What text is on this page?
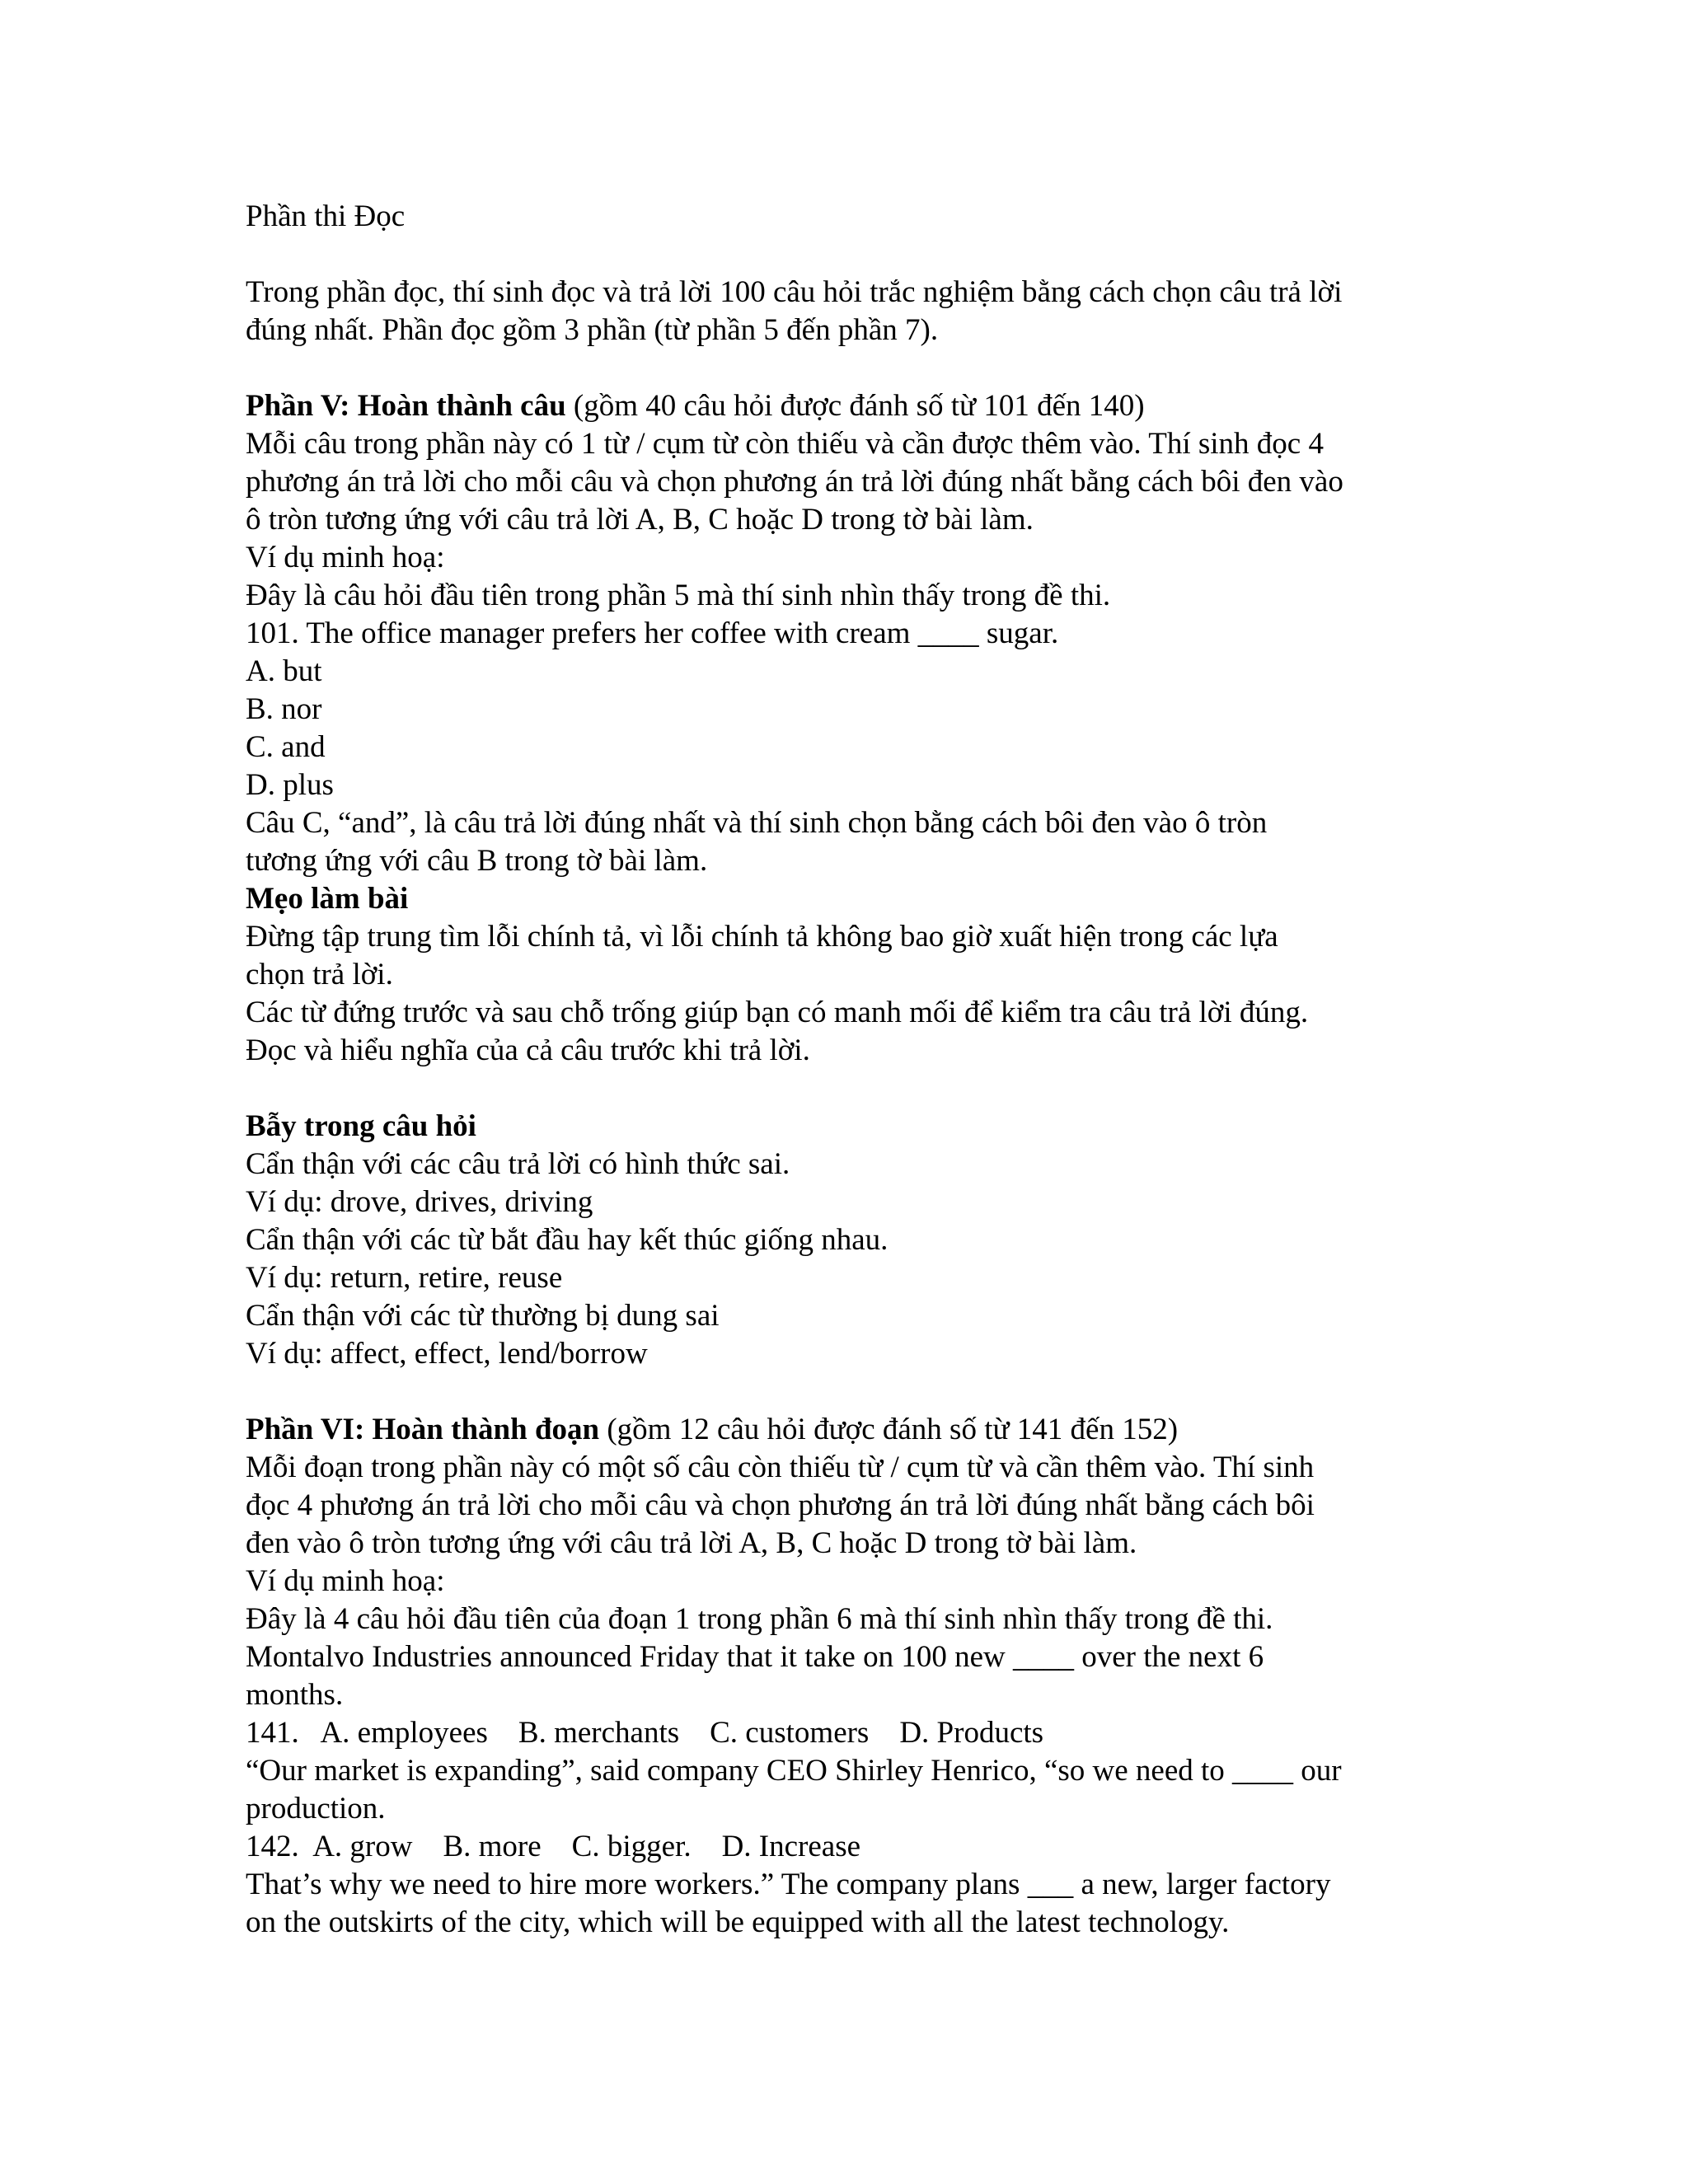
Phần thi Đọc

Trong phần đọc, thí sinh đọc và trả lời 100 câu hỏi trắc nghiệm bằng cách chọn câu trả lời

đúng nhất. Phần đọc gồm 3 phần (từ phần 5 đến phần 7).

Phần V: Hoàn thành câu (gồm 40 câu hỏi được đánh số từ 101 đến 140)

Mỗi câu trong phần này có 1 từ / cụm từ còn thiếu và cần được thêm vào. Thí sinh đọc 4

phương án trả lời cho mỗi câu và chọn phương án trả lời đúng nhất bằng cách bôi đen vào

ô tròn tương ứng với câu trả lời A, B, C hoặc D trong tờ bài làm.

Ví dụ minh hoạ:

Đây là câu hỏi đầu tiên trong phần 5 mà thí sinh nhìn thấy trong đề thi.

101. The office manager prefers her coffee with cream ____ sugar.

A. but

B. nor

C. and

D. plus

Câu C, “and”, là câu trả lời đúng nhất và thí sinh chọn bằng cách bôi đen vào ô tròn

tương ứng với câu B trong tờ bài làm.

Mẹo làm bài

Đừng tập trung tìm lỗi chính tả, vì lỗi chính tả không bao giờ xuất hiện trong các lựa

chọn trả lời.

Các từ đứng trước và sau chỗ trống giúp bạn có manh mối để kiểm tra câu trả lời đúng.

Đọc và hiểu nghĩa của cả câu trước khi trả lời.

Bẫy trong câu hỏi

Cẩn thận với các câu trả lời có hình thức sai.

Ví dụ: drove, drives, driving

Cẩn thận với các từ bắt đầu hay kết thúc giống nhau.

Ví dụ: return, retire, reuse

Cẩn thận với các từ thường bị dung sai

Ví dụ: affect, effect, lend/borrow

Phần VI: Hoàn thành đoạn (gồm 12 câu hỏi được đánh số từ 141 đến 152)

Mỗi đoạn trong phần này có một số câu còn thiếu từ / cụm từ và cần thêm vào. Thí sinh

đọc 4 phương án trả lời cho mỗi câu và chọn phương án trả lời đúng nhất bằng cách bôi

đen vào ô tròn tương ứng với câu trả lời A, B, C hoặc D trong tờ bài làm.

Ví dụ minh hoạ:

Đây là 4 câu hỏi đầu tiên của đoạn 1 trong phần 6 mà thí sinh nhìn thấy trong đề thi.

Montalvo Industries announced Friday that it take on 100 new ____ over the next 6

months.

141.   A. employees    B. merchants    C. customers    D. Products

“Our market is expanding”, said company CEO Shirley Henrico, “so we need to ____ our

production.

142.  A. grow    B. more    C. bigger.    D. Increase

That’s why we need to hire more workers.” The company plans ___ a new, larger factory

on the outskirts of the city, which will be equipped with all the latest technology.
